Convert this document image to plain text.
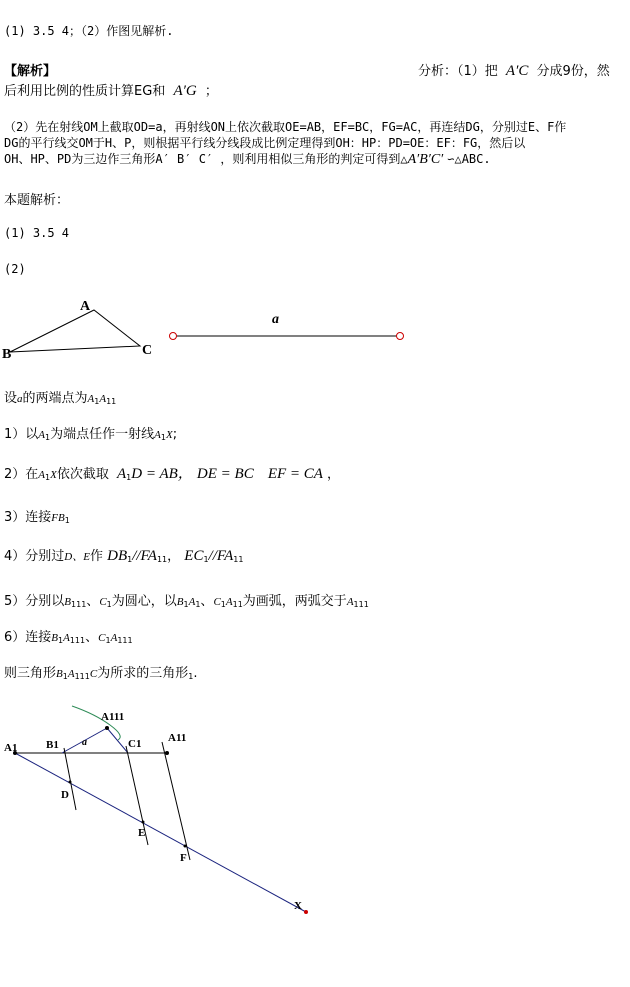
(1) 3.5 4；（2）作图见解析.
【解析】	分析：（1）把 A′C 分成9份，然
后利用比例的性质计算EG和 A′G ；
（2）先在射线OM上截取OD=a，再射线ON上依次截取OE=AB，EF=BC，FG=AC，再连结DG，分别过E、F作
DG的平行线交OM于H、P，则根据平行线分线段成比例定理得到OH：HP：PD=OE：EF：FG，然后以
OH、HP、PD为三边作三角形A′ B′ C′ ，则利用相似三角形的判定可得到△A′B′C′ ∽△ABC.
本题解析：
(1) 3.5 4
(2)
A
B	C
a
设a的两端点为$A_1A_{11}$
1）以$A_1$为端点任作一射线$A_1X$;
2）在$A_1X$依次截取 $A_1D$ = AB， DE = BC EF = CA ，
3）连接$FB_1$
4）分别过D、E作 $DB_1//FA_{11}$， $EC_1//FA_{11}$
5）分别以$B_{111}$、$C_1$为圆心，以$B_1A_1$、$C_1A_{11}$为画弧，两弧交于$A_{111}$
6）连接$B_1A_{111}$、$C_1A_{111}$
则三角形$B_1A_{111}C$为所求的三角形$_1$.
A1	B1	C1 A11
A111
a
D
E
F
X
